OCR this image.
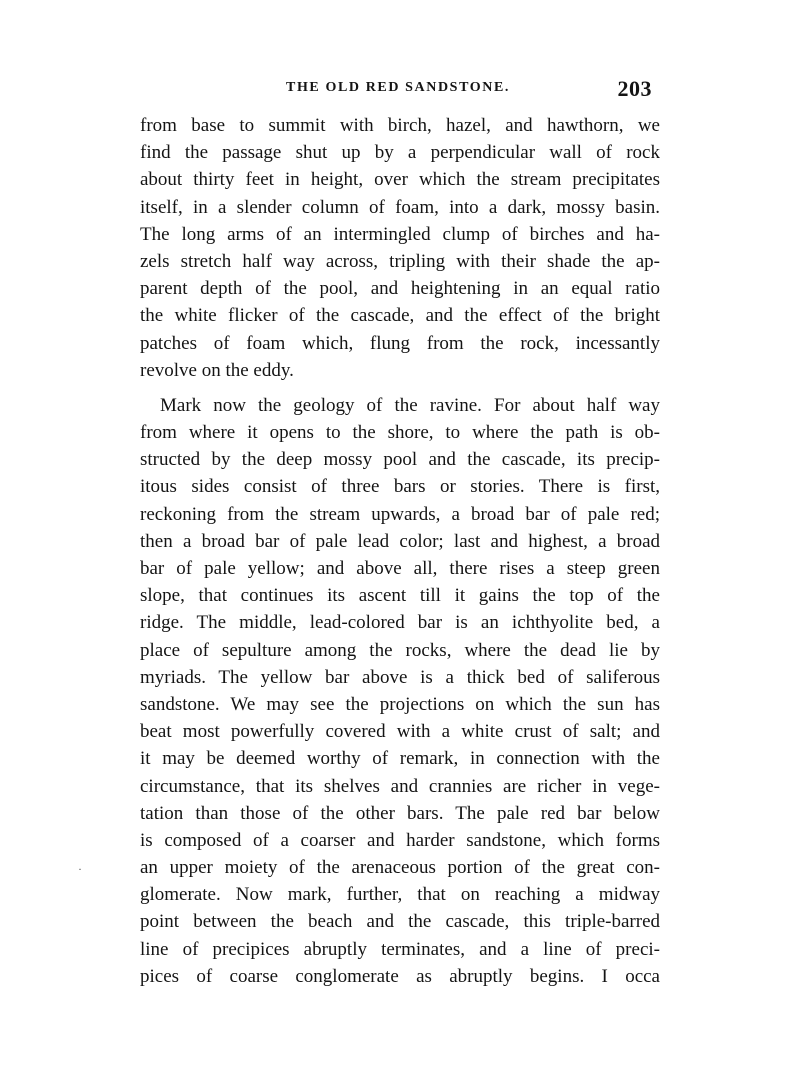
THE OLD RED SANDSTONE.	203
from base to summit with birch, hazel, and hawthorn, we
find the passage shut up by a perpendicular wall of rock
about thirty feet in height, over which the stream precipitates
itself, in a slender column of foam, into a dark, mossy basin.
The long arms of an intermingled clump of birches and ha-
zels stretch half way across, tripling with their shade the ap-
parent depth of the pool, and heightening in an equal ratio
the white flicker of the cascade, and the effect of the bright
patches of foam which, flung from the rock, incessantly
revolve on the eddy.
Mark now the geology of the ravine. For about half way
from where it opens to the shore, to where the path is ob-
structed by the deep mossy pool and the cascade, its precip-
itous sides consist of three bars or stories. There is first,
reckoning from the stream upwards, a broad bar of pale red;
then a broad bar of pale lead color; last and highest, a broad
bar of pale yellow; and above all, there rises a steep green
slope, that continues its ascent till it gains the top of the
ridge. The middle, lead-colored bar is an ichthyolite bed, a
place of sepulture among the rocks, where the dead lie by
myriads. The yellow bar above is a thick bed of saliferous
sandstone. We may see the projections on which the sun has
beat most powerfully covered with a white crust of salt; and
it may be deemed worthy of remark, in connection with the
circumstance, that its shelves and crannies are richer in vege-
tation than those of the other bars. The pale red bar below
is composed of a coarser and harder sandstone, which forms
an upper moiety of the arenaceous portion of the great con-
glomerate. Now mark, further, that on reaching a midway
point between the beach and the cascade, this triple-barred
line of precipices abruptly terminates, and a line of preci-
pices of coarse conglomerate as abruptly begins. I occa
·
